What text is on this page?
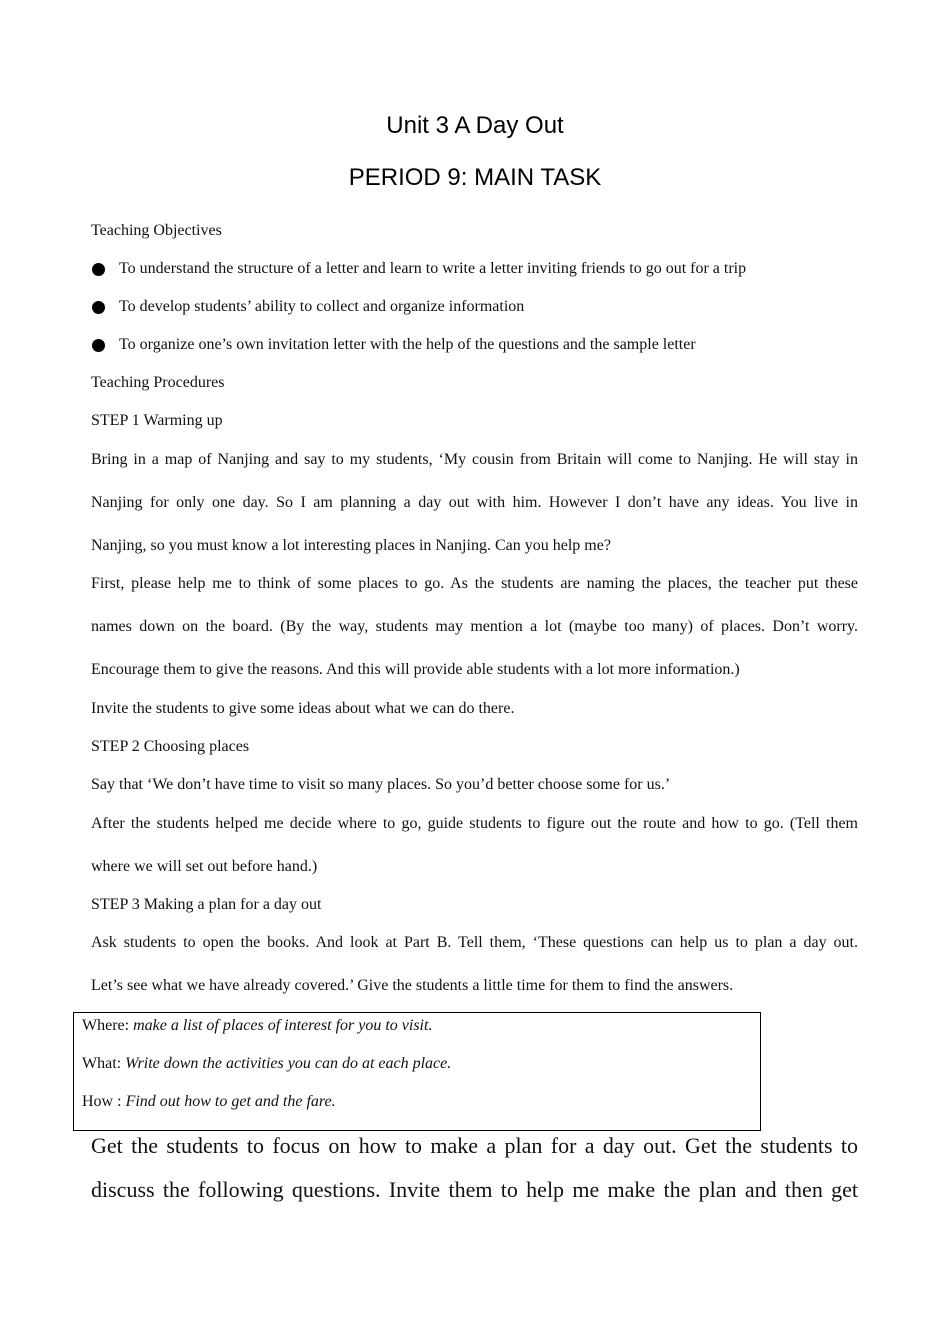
Unit 3 A Day Out
PERIOD 9: MAIN TASK
Teaching Objectives
To understand the structure of a letter and learn to write a letter inviting friends to go out for a trip
To develop students’ ability to collect and organize information
To organize one’s own invitation letter with the help of the questions and the sample letter
Teaching Procedures
STEP 1 Warming up
Bring in a map of Nanjing and say to my students, ‘My cousin from Britain will come to Nanjing. He will stay in
Nanjing for only one day. So I am planning a day out with him. However I don’t have any ideas. You live in
Nanjing, so you must know a lot interesting places in Nanjing. Can you help me?
First, please help me to think of some places to go. As the students are naming the places, the teacher put these
names down on the board. (By the way, students may mention a lot (maybe too many) of places. Don’t worry.
Encourage them to give the reasons. And this will provide able students with a lot more information.)
Invite the students to give some ideas about what we can do there.
STEP 2 Choosing places
Say that ‘We don’t have time to visit so many places. So you’d better choose some for us.’
After the students helped me decide where to go, guide students to figure out the route and how to go. (Tell them
where we will set out before hand.)
STEP 3 Making a plan for a day out
Ask students to open the books. And look at Part B. Tell them, ‘These questions can help us to plan a day out.
Let’s see what we have already covered.’ Give the students a little time for them to find the answers.
Where: make a list of places of interest for you to visit.
What: Write down the activities you can do at each place.
How : Find out how to get and the fare.
Get the students to focus on how to make a plan for a day out. Get the students to
discuss the following questions. Invite them to help me make the plan and then get
